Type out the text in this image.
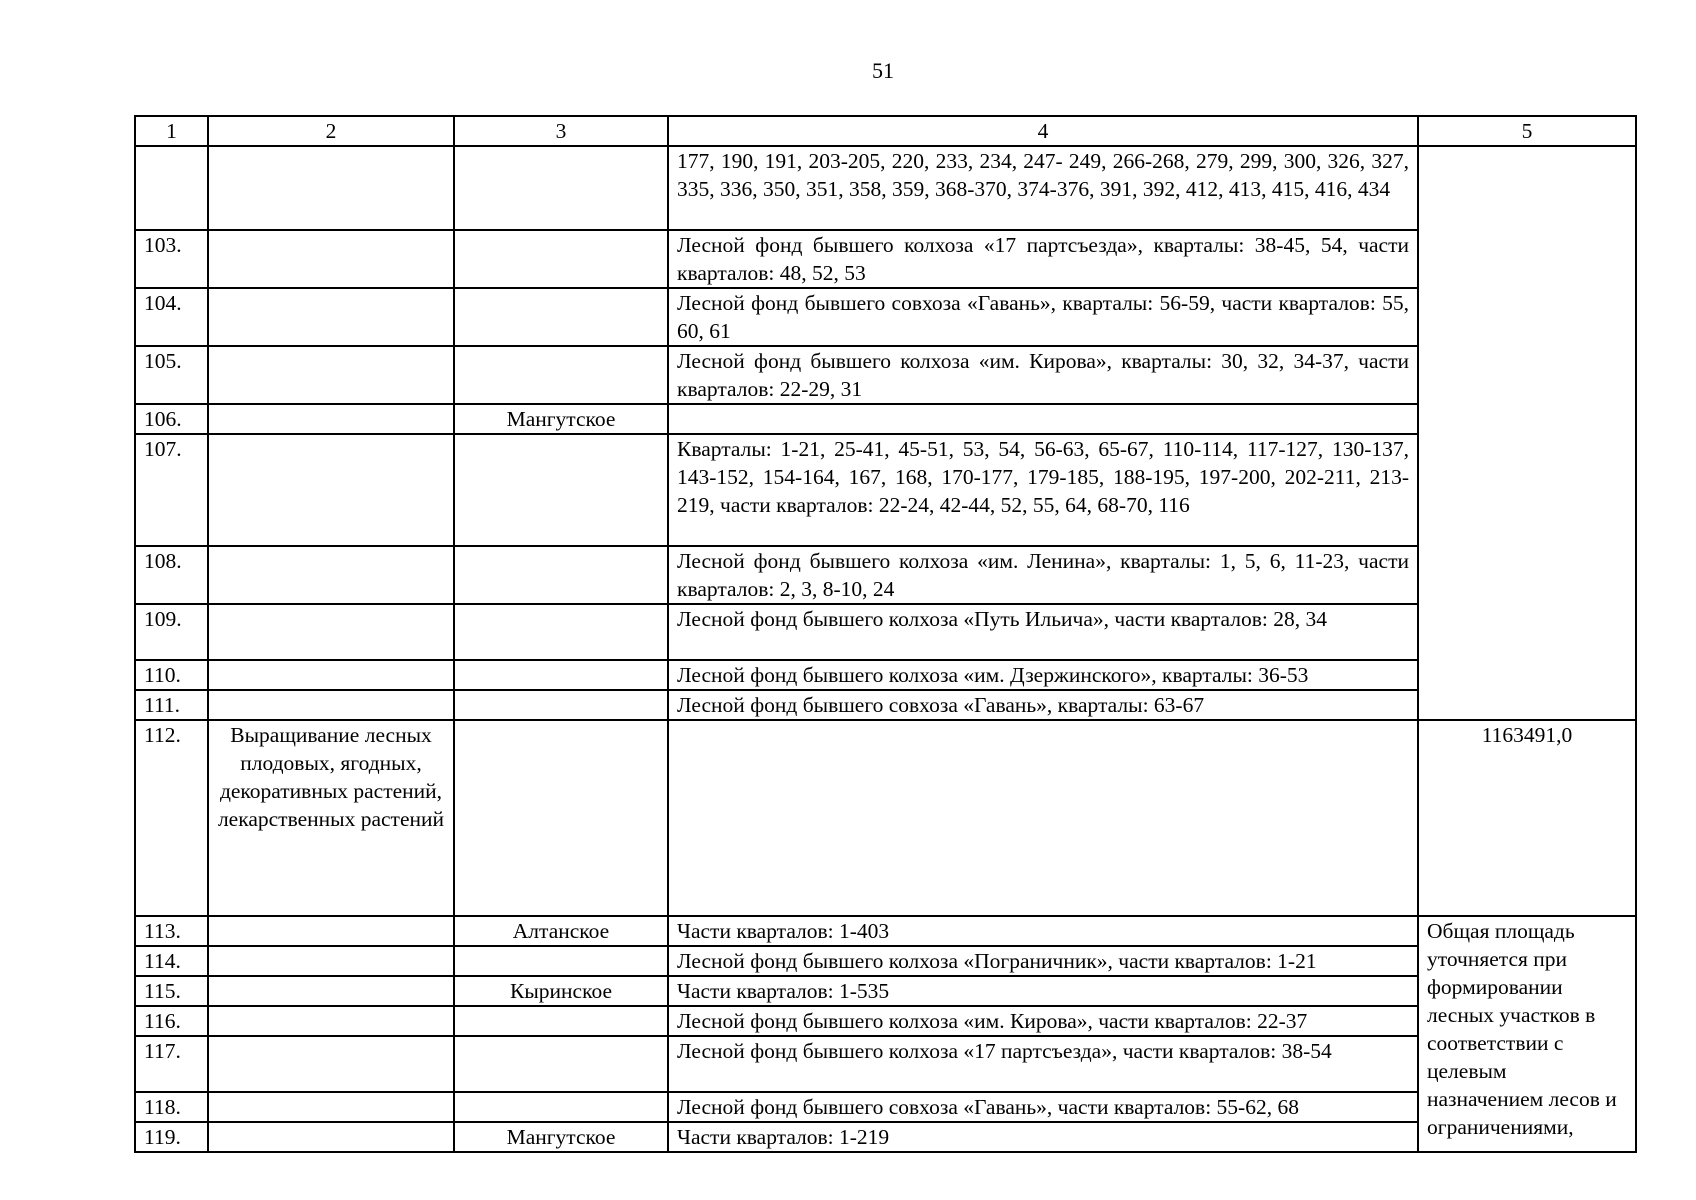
51
1	2	3	4	5
			177, 190, 191, 203-205, 220, 233, 234, 247- 249, 266-268, 279, 299, 300, 326, 327, 335, 336, 350, 351, 358, 359, 368-370, 374-376, 391, 392, 412, 413, 415, 416, 434	
103.			Лесной фонд бывшего колхоза «17 партсъезда», кварталы: 38-45, 54, части кварталов: 48, 52, 53	
104.			Лесной фонд бывшего совхоза «Гавань», кварталы: 56-59, части кварталов: 55, 60, 61	
105.			Лесной фонд бывшего колхоза «им. Кирова», кварталы: 30, 32, 34-37, части кварталов: 22-29, 31	
106.		Мангутское		
107.			Кварталы: 1-21, 25-41, 45-51, 53, 54, 56-63, 65-67, 110-114, 117-127, 130-137, 143-152, 154-164, 167, 168, 170-177, 179-185, 188-195, 197-200, 202-211, 213-219, части кварталов: 22-24, 42-44, 52, 55, 64, 68-70, 116	
108.			Лесной фонд бывшего колхоза «им. Ленина», кварталы: 1, 5, 6, 11-23, части кварталов: 2, 3, 8-10, 24	
109.			Лесной фонд бывшего колхоза «Путь Ильича», части кварталов: 28, 34	
110.			Лесной фонд бывшего колхоза «им. Дзержинского», кварталы: 36-53	
111.			Лесной фонд бывшего совхоза «Гавань», кварталы: 63-67	
112.	Выращивание лесных плодовых, ягодных, декоративных растений, лекарственных растений			1163491,0
113.		Алтанское	Части кварталов: 1-403	Общая площадь уточняется при формировании лесных участков в соответствии с целевым назначением лесов и ограничениями,
114.			Лесной фонд бывшего колхоза «Пограничник», части кварталов: 1-21	
115.		Кыринское	Части кварталов: 1-535	
116.			Лесной фонд бывшего колхоза «им. Кирова», части кварталов: 22-37	
117.			Лесной фонд бывшего колхоза «17 партсъезда», части кварталов: 38-54	
118.			Лесной фонд бывшего совхоза «Гавань», части кварталов: 55-62, 68	
119.		Мангутское	Части кварталов: 1-219	
